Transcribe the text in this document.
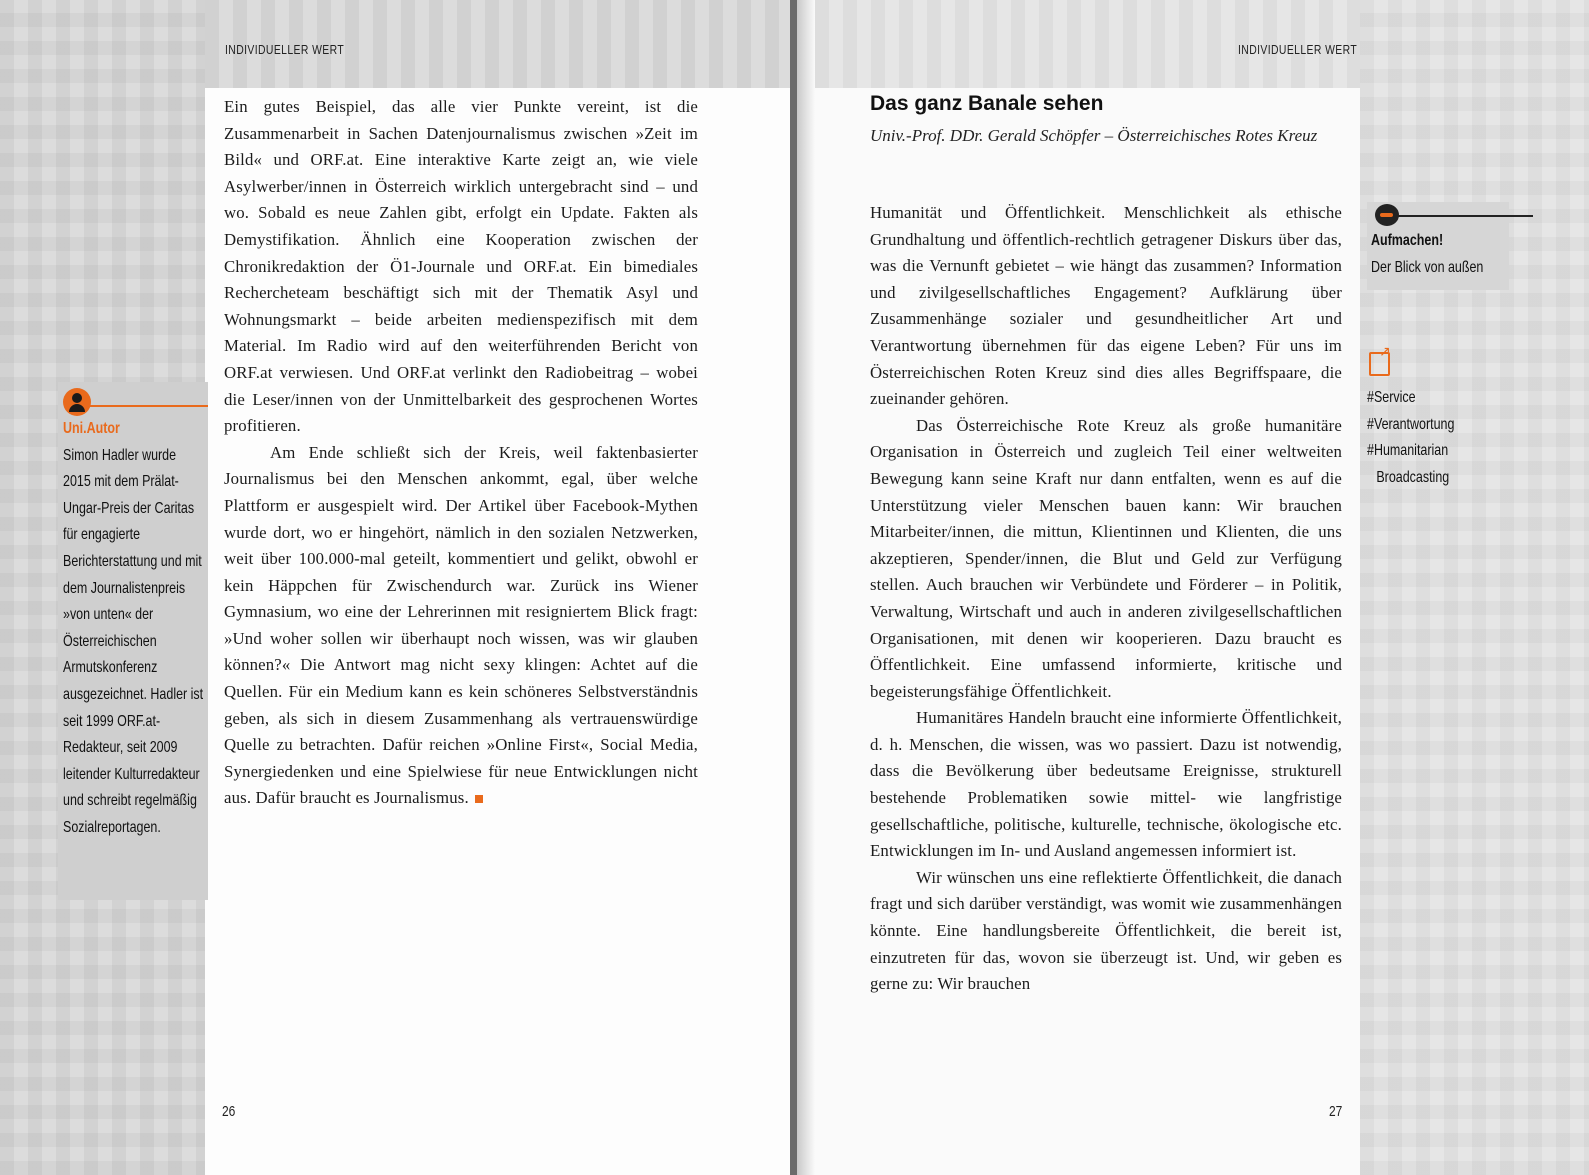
INDIVIDUELLER WERT

Ein gutes Beispiel, das alle vier Punkte vereint, ist die Zusammenarbeit in Sachen Datenjournalismus zwischen »Zeit im Bild« und ORF.at. Eine interaktive Karte zeigt an, wie viele Asylwerber/innen in Österreich wirklich untergebracht sind – und wo. Sobald es neue Zahlen gibt, erfolgt ein Update. Fakten als Demystifikation. Ähnlich eine Kooperation zwischen der Chronikredaktion der Ö1-Journale und ORF.at. Ein bimediales Rechercheteam beschäftigt sich mit der Thematik Asyl und Wohnungsmarkt – beide arbeiten medienspezifisch mit dem Material. Im Radio wird auf den weiterführenden Bericht von ORF.at verwiesen. Und ORF.at verlinkt den Radiobeitrag – wobei die Leser/innen von der Unmittelbarkeit des gesprochenen Wortes profitieren.

Am Ende schließt sich der Kreis, weil faktenbasierter Journalismus bei den Menschen ankommt, egal, über welche Plattform er ausgespielt wird. Der Artikel über Facebook-Mythen wurde dort, wo er hingehört, nämlich in den sozialen Netzwerken, weit über 100.000-mal geteilt, kommentiert und gelikt, obwohl er kein Häppchen für Zwischendurch war. Zurück ins Wiener Gymnasium, wo eine der Lehrerinnen mit resigniertem Blick fragt: »Und woher sollen wir überhaupt noch wissen, was wir glauben können?« Die Antwort mag nicht sexy klingen: Achtet auf die Quellen. Für ein Medium kann es kein schöneres Selbstverständnis geben, als sich in diesem Zusammenhang als vertrauenswürdige Quelle zu betrachten. Dafür reichen »Online First«, Social Media, Synergiedenken und eine Spielwiese für neue Entwicklungen nicht aus. Dafür braucht es Journalismus.

Uni.Autor
Simon Hadler wurde 2015 mit dem Prälat-Ungar-Preis der Caritas für engagierte Berichterstattung und mit dem Journalistenpreis »von unten« der Österreichischen Armutskonferenz ausgezeichnet. Hadler ist seit 1999 ORF.at-Redakteur, seit 2009 leitender Kulturredakteur und schreibt regelmäßig Sozialreportagen.
26
INDIVIDUELLER WERT
27
Das ganz Banale sehen
Univ.-Prof. DDr. Gerald Schöpfer – Österreichisches Rotes Kreuz

Humanität und Öffentlichkeit. Menschlichkeit als ethische Grundhaltung und öffentlich-rechtlich getragener Diskurs über das, was die Vernunft gebietet – wie hängt das zusammen? Information und zivilgesellschaftliches Engagement? Aufklärung über Zusammenhänge sozialer und gesundheitlicher Art und Verantwortung übernehmen für das eigene Leben? Für uns im Österreichischen Roten Kreuz sind dies alles Begriffspaare, die zueinander gehören.

Das Österreichische Rote Kreuz als große humanitäre Organisation in Österreich und zugleich Teil einer weltweiten Bewegung kann seine Kraft nur dann entfalten, wenn es auf die Unterstützung vieler Menschen bauen kann: Wir brauchen Mitarbeiter/innen, die mittun, Klientinnen und Klienten, die uns akzeptieren, Spender/innen, die Blut und Geld zur Verfügung stellen. Auch brauchen wir Verbündete und Förderer – in Politik, Verwaltung, Wirtschaft und auch in anderen zivilgesellschaftlichen Organisationen, mit denen wir kooperieren. Dazu braucht es Öffentlichkeit. Eine umfassend informierte, kritische und begeisterungsfähige Öffentlichkeit.

Humanitäres Handeln braucht eine informierte Öffentlichkeit, d. h. Menschen, die wissen, was wo passiert. Dazu ist notwendig, dass die Bevölkerung über bedeutsame Ereignisse, strukturell bestehende Problematiken sowie mittel- wie langfristige gesellschaftliche, politische, kulturelle, technische, ökologische etc. Entwicklungen im In- und Ausland angemessen informiert ist.

Wir wünschen uns eine reflektierte Öffentlichkeit, die danach fragt und sich darüber verständigt, was womit wie zusammenhängen könnte. Eine handlungsbereite Öffentlichkeit, die bereit ist, einzutreten für das, wovon sie überzeugt ist. Und, wir geben es gerne zu: Wir brauchen

Aufmachen!
Der Blick von außen
↗
#Service
#Verantwortung
#Humanitarian
Broadcasting
